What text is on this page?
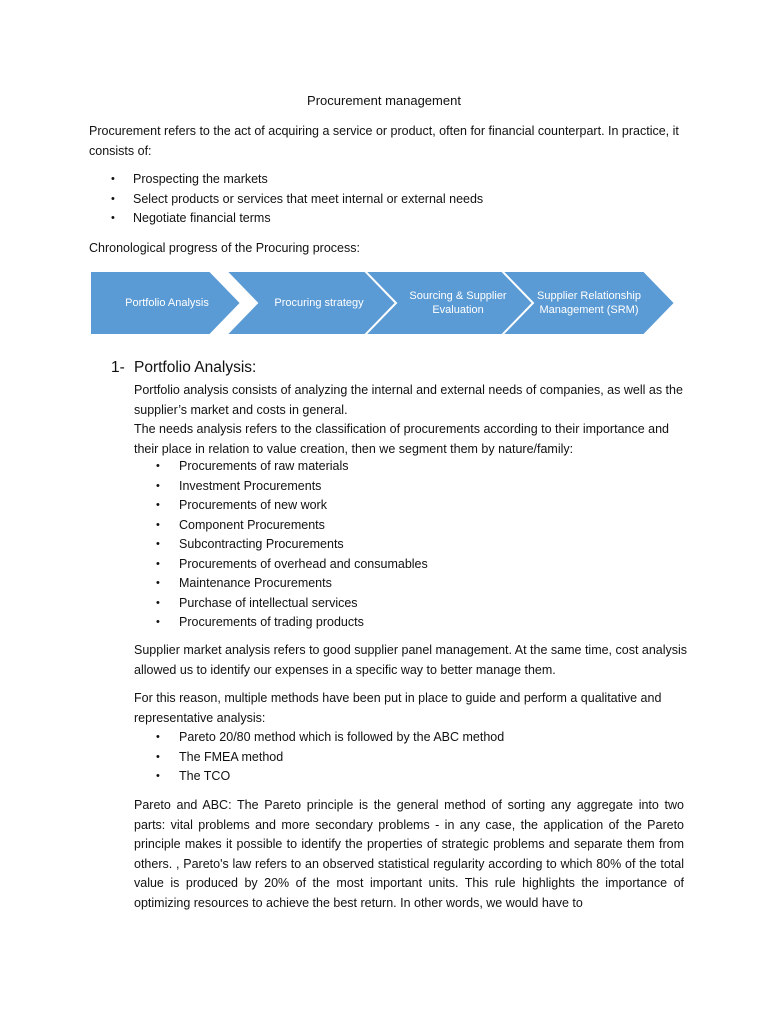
Procurement management
Procurement refers to the act of acquiring a service or product, often for financial counterpart. In practice, it consists of:
• Prospecting the markets
• Select products or services that meet internal or external needs
• Negotiate financial terms
Chronological progress of the Procuring process:
Portfolio Analysis	Procuring strategy
Sourcing & Supplier Evaluation
Supplier Relationship Management (SRM)
1- Portfolio Analysis:
Portfolio analysis consists of analyzing the internal and external needs of companies, as well as the supplier’s market and costs in general.
The needs analysis refers to the classification of procurements according to their importance and their place in relation to value creation, then we segment them by nature/family:
• Procurements of raw materials
• Investment Procurements
• Procurements of new work
• Component Procurements
• Subcontracting Procurements
• Procurements of overhead and consumables
• Maintenance Procurements
• Purchase of intellectual services
• Procurements of trading products
Supplier market analysis refers to good supplier panel management. At the same time, cost analysis allowed us to identify our expenses in a specific way to better manage them.
For this reason, multiple methods have been put in place to guide and perform a qualitative and representative analysis:
• Pareto 20/80 method which is followed by the ABC method
• The FMEA method
• The TCO
Pareto and ABC: The Pareto principle is the general method of sorting any aggregate into two parts: vital problems and more secondary problems - in any case, the application of the Pareto principle makes it possible to identify the properties of strategic problems and separate them from others. , Pareto's law refers to an observed statistical regularity according to which 80% of the total value is produced by 20% of the most important units. This rule highlights the importance of optimizing resources to achieve the best return. In other words, we would have to
